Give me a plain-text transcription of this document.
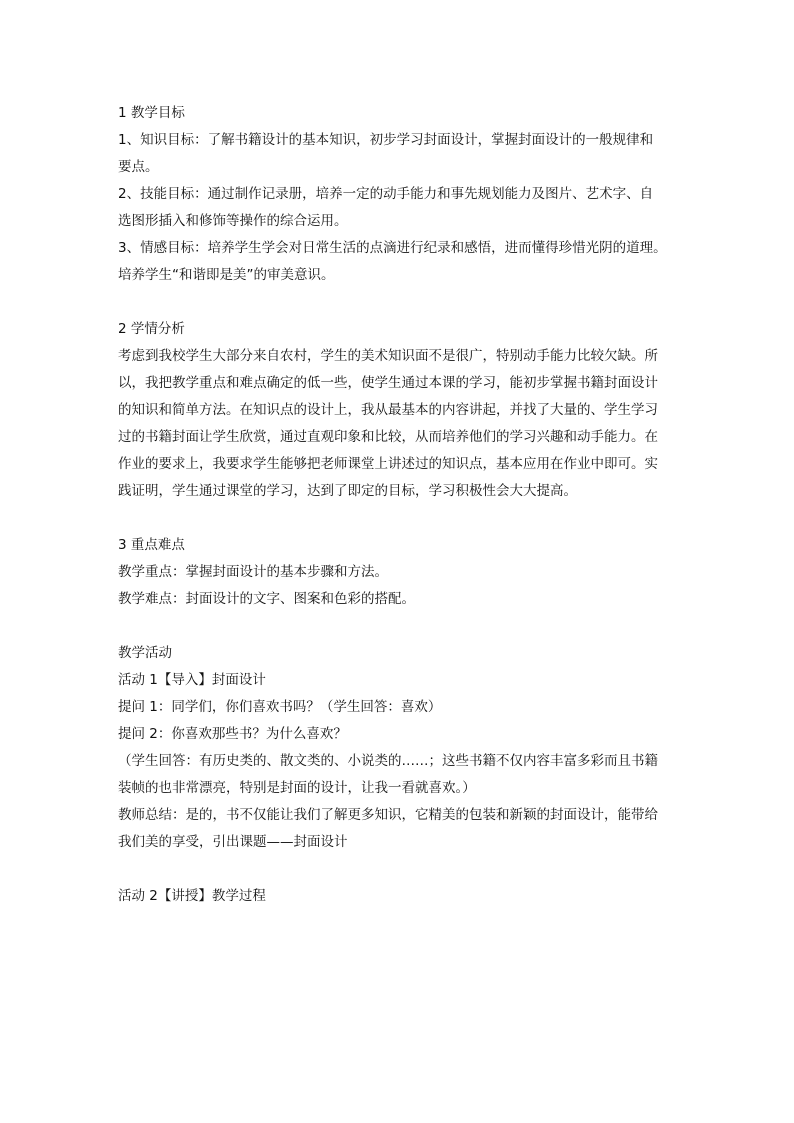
1 教学目标
1、知识目标：了解书籍设计的基本知识，初步学习封面设计，掌握封面设计的一般规律和
要点。
2、技能目标：通过制作记录册，培养一定的动手能力和事先规划能力及图片、艺术字、自
选图形插入和修饰等操作的综合运用。
3、情感目标：培养学生学会对日常生活的点滴进行纪录和感悟，进而懂得珍惜光阴的道理。
培养学生“和谐即是美”的审美意识。
2 学情分析
考虑到我校学生大部分来自农村，学生的美术知识面不是很广，特别动手能力比较欠缺。所
以，我把教学重点和难点确定的低一些，使学生通过本课的学习，能初步掌握书籍封面设计
的知识和简单方法。在知识点的设计上，我从最基本的内容讲起，并找了大量的、学生学习
过的书籍封面让学生欣赏，通过直观印象和比较，从而培养他们的学习兴趣和动手能力。在
作业的要求上，我要求学生能够把老师课堂上讲述过的知识点，基本应用在作业中即可。实
践证明，学生通过课堂的学习，达到了即定的目标，学习积极性会大大提高。
3 重点难点
教学重点：掌握封面设计的基本步骤和方法。
教学难点：封面设计的文字、图案和色彩的搭配。
教学活动
活动 1【导入】封面设计
提问 1：同学们，你们喜欢书吗？（学生回答：喜欢）
提问 2：你喜欢那些书？为什么喜欢？
（学生回答：有历史类的、散文类的、小说类的……；这些书籍不仅内容丰富多彩而且书籍
装帧的也非常漂亮，特别是封面的设计，让我一看就喜欢。）
教师总结：是的，书不仅能让我们了解更多知识，它精美的包装和新颖的封面设计，能带给
我们美的享受，引出课题——封面设计
活动 2【讲授】教学过程
